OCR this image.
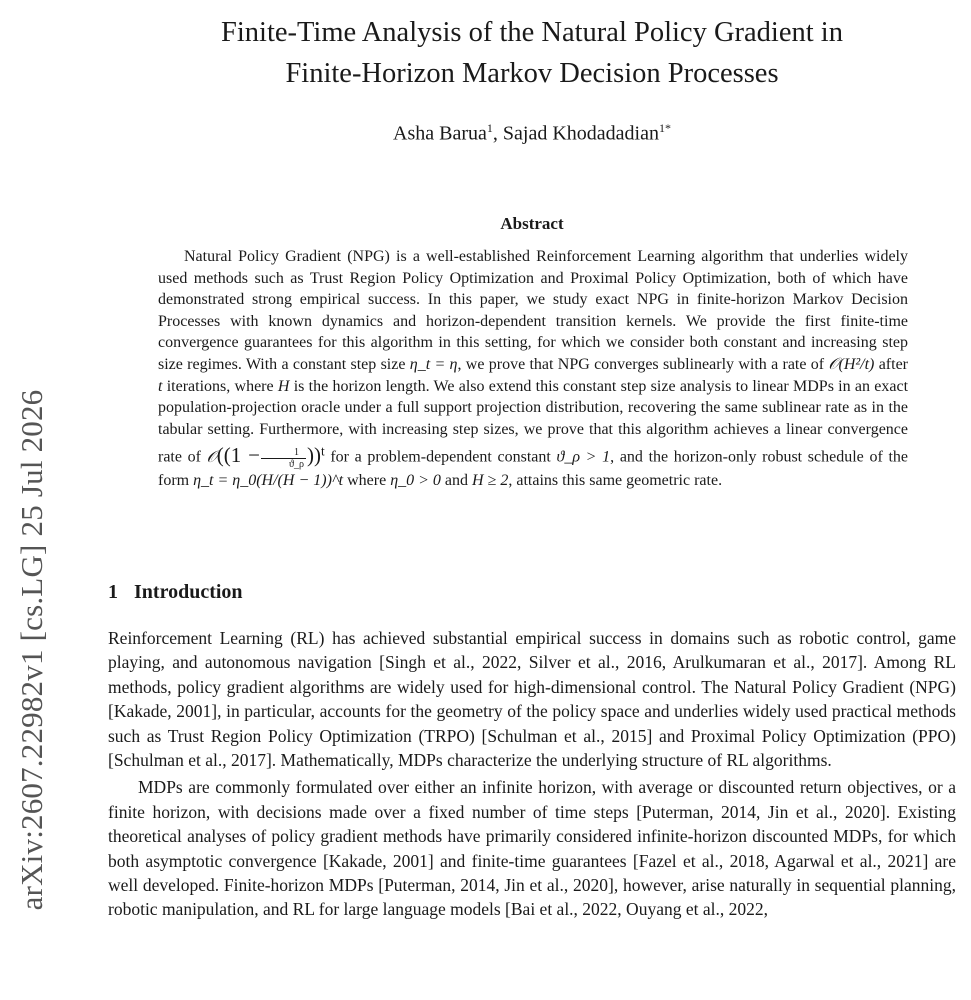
arXiv:2607.22982v1 [cs.LG] 25 Jul 2026
Finite-Time Analysis of the Natural Policy Gradient in
Finite-Horizon Markov Decision Processes
Asha Barua$^1$, Sajad Khodadadian$^{1*}$
Abstract

Natural Policy Gradient (NPG) is a well-established Reinforcement Learning algorithm that underlies widely used methods such as Trust Region Policy Optimization and Proximal Policy Optimization, both of which have demonstrated strong empirical success. In this paper, we study exact NPG in finite-horizon Markov Decision Processes with known dynamics and horizon-dependent transition kernels. We provide the first finite-time convergence guarantees for this algorithm in this setting, for which we consider both constant and increasing step size regimes. With a constant step size η_t = η, we prove that NPG converges sublinearly with a rate of 𝒪(H²/t) after t iterations, where H is the horizon length. We also extend this constant step size analysis to linear MDPs in an exact population-projection oracle under a full support projection distribution, recovering the same sublinear rate as in the tabular setting. Furthermore, with increasing step sizes, we prove that this algorithm achieves a linear convergence rate of 𝒪((1 − $\frac{1}{ϑ\_\rho} ))^t$ for a problem-dependent constant ϑ_ρ > 1, and the horizon-only robust schedule of the form η_t = η_0(H/(H − 1))^t where η_0 > 0 and H ≥ 2, attains this same geometric rate.

1 Introduction

Reinforcement Learning (RL) has achieved substantial empirical success in domains such as robotic control, game playing, and autonomous navigation [Singh et al., 2022, Silver et al., 2016, Arulkumaran et al., 2017]. Among RL methods, policy gradient algorithms are widely used for high-dimensional control. The Natural Policy Gradient (NPG) [Kakade, 2001], in particular, accounts for the geometry of the policy space and underlies widely used practical methods such as Trust Region Policy Optimization (TRPO) [Schulman et al., 2015] and Proximal Policy Optimization (PPO) [Schulman et al., 2017]. Mathematically, MDPs characterize the underlying structure of RL algorithms.

MDPs are commonly formulated over either an infinite horizon, with average or discounted return objectives, or a finite horizon, with decisions made over a fixed number of time steps [Puterman, 2014, Jin et al., 2020]. Existing theoretical analyses of policy gradient methods have primarily considered infinite-horizon discounted MDPs, for which both asymptotic convergence [Kakade, 2001] and finite-time guarantees [Fazel et al., 2018, Agarwal et al., 2021] are well developed. Finite-horizon MDPs [Puterman, 2014, Jin et al., 2020], however, arise naturally in sequential planning, robotic manipulation, and RL for large language models [Bai et al., 2022, Ouyang et al., 2022,
